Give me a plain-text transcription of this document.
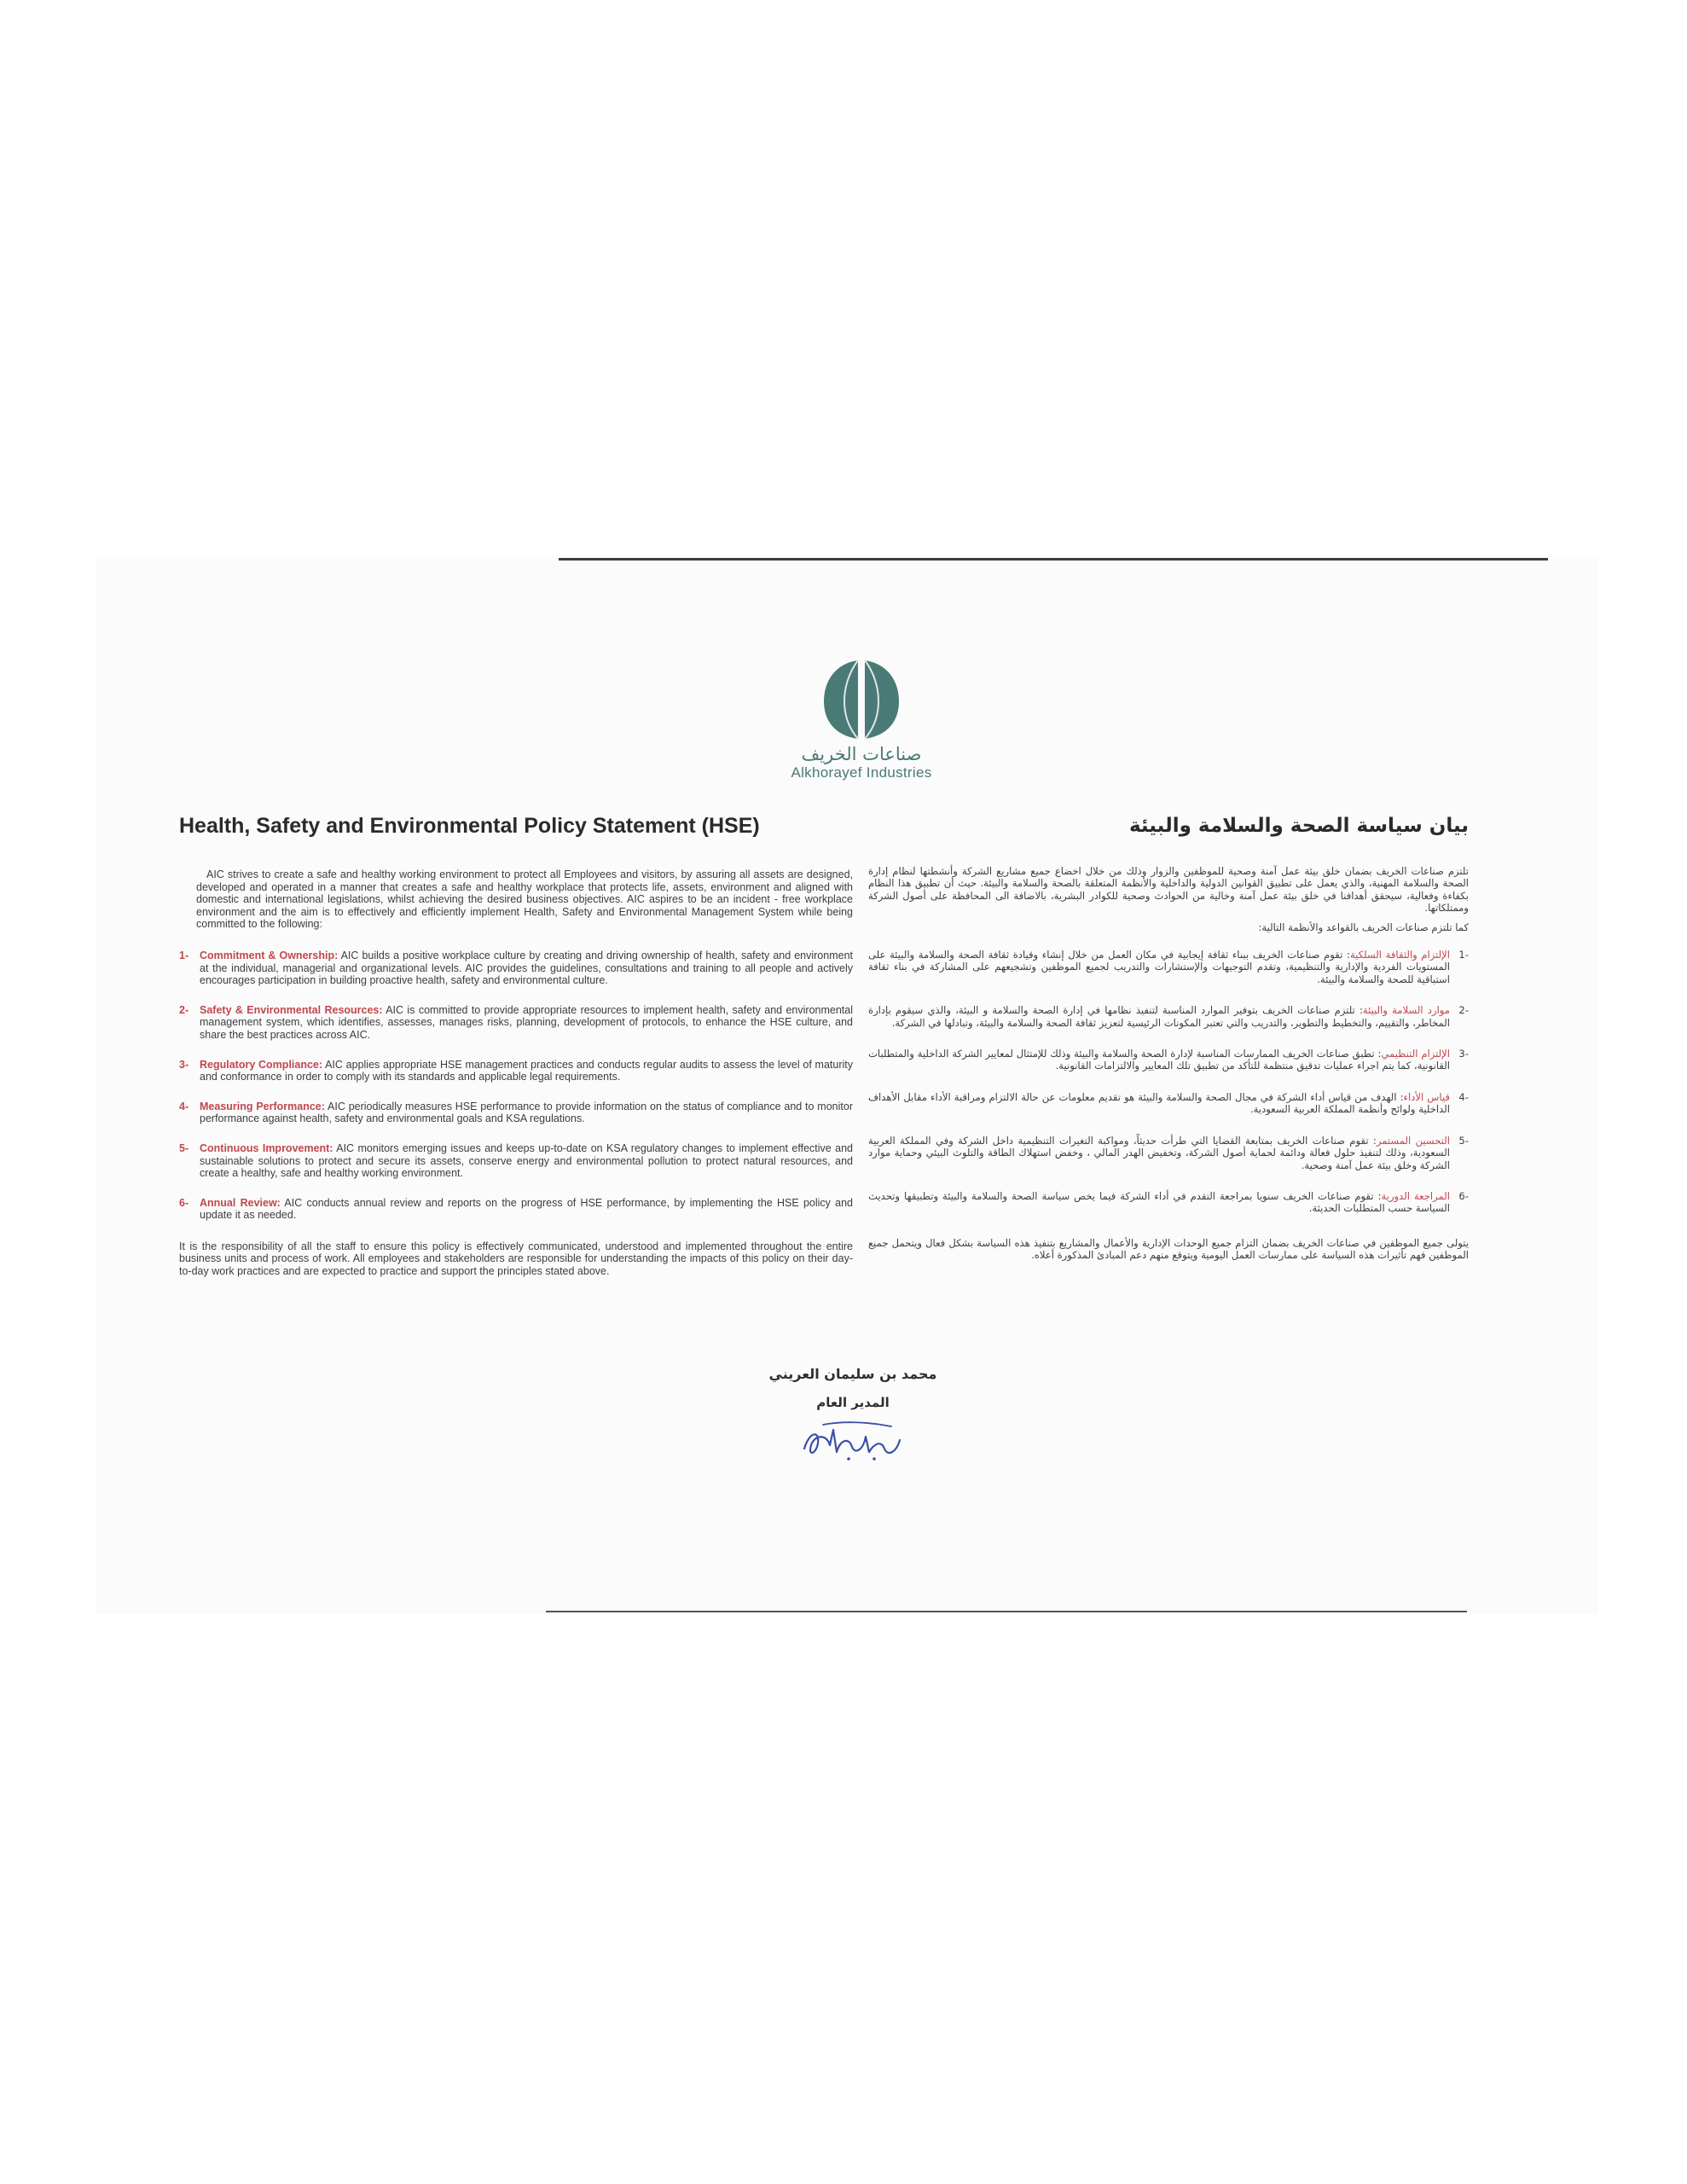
صناعات الخريف
Alkhorayef Industries
Health, Safety and Environmental Policy Statement (HSE)

AIC strives to create a safe and healthy working environment to protect all Employees and visitors, by assuring all assets are designed, developed and operated in a manner that creates a safe and healthy workplace that protects life, assets, environment and aligned with domestic and international legislations, whilst achieving the desired business objectives. AIC aspires to be an incident - free workplace environment and the aim is to effectively and efficiently implement Health, Safety and Environmental Management System while being committed to the following:

1- Commitment & Ownership: AIC builds a positive workplace culture by creating and driving ownership of health, safety and environment at the individual, managerial and organizational levels. AIC provides the guidelines, consultations and training to all people and actively encourages participation in building proactive health, safety and environmental culture.

2- Safety & Environmental Resources: AIC is committed to provide appropriate resources to implement health, safety and environmental management system, which identifies, assesses, manages risks, planning, development of protocols, to enhance the HSE culture, and share the best practices across AIC.

3- Regulatory Compliance: AIC applies appropriate HSE management practices and conducts regular audits to assess the level of maturity and conformance in order to comply with its standards and applicable legal requirements.

4- Measuring Performance: AIC periodically measures HSE performance to provide information on the status of compliance and to monitor performance against health, safety and environmental goals and KSA regulations.

5- Continuous Improvement: AIC monitors emerging issues and keeps up-to-date on KSA regulatory changes to implement effective and sustainable solutions to protect and secure its assets, conserve energy and environmental pollution to protect natural resources, and create a healthy, safe and healthy working environment.

6- Annual Review: AIC conducts annual review and reports on the progress of HSE performance, by implementing the HSE policy and update it as needed.

It is the responsibility of all the staff to ensure this policy is effectively communicated, understood and implemented throughout the entire business units and process of work. All employees and stakeholders are responsible for understanding the impacts of this policy on their day-to-day work practices and are expected to practice and support the principles stated above.

بيان سياسة الصحة والسلامة والبيئة

تلتزم صناعات الخريف بضمان خلق بيئة عمل آمنة وصحية للموظفين والزوار وذلك من خلال اخضاع جميع مشاريع الشركة وأنشطتها لنظام إدارة الصحة والسلامة المهنية، والذي يعمل على تطبيق القوانين الدولية والداخلية والأنظمة المتعلقة بالصحة والسلامة والبيئة. حيث أن تطبيق هذا النظام بكفاءة وفعالية، سيحقق أهدافنا في خلق بيئة عمل آمنة وخالية من الحوادث وصحية للكوادر البشرية، بالاضافة الى المحافظة على أصول الشركة وممتلكاتها.

كما تلتزم صناعات الخريف بالقواعد والأنظمة التالية:

-1
الإلتزام والثقافة السلكية: تقوم صناعات الخريف ببناء ثقافة إيجابية في مكان العمل من خلال إنشاء وقيادة ثقافة الصحة والسلامة والبيئة على المستويات الفردية والإدارية والتنظيمية، وتقدم التوجيهات والإستشارات والتدريب لجميع الموظفين وتشجيعهم على المشاركة في بناء ثقافة استباقية للصحة والسلامة والبيئة.

-2
موارد السلامة والبيئة: تلتزم صناعات الخريف بتوفير الموارد المناسبة لتنفيذ نظامها في إدارة الصحة والسلامة و البيئة، والذي سيقوم بإدارة المخاطر، والتقييم، والتخطيط والتطوير، والتدريب والتي تعتبر المكونات الرئيسية لتعزيز ثقافة الصحة والسلامة والبيئة، وتبادلها في الشركة.

-3
الإلتزام التنظيمي: تطبق صناعات الخريف الممارسات المناسبة لإدارة الصحة والسلامة والبيئة وذلك للإمتثال لمعايير الشركة الداخلية والمتطلبات القانونية، كما يتم اجراء عمليات تدقيق منتظمة للتأكد من تطبيق تلك المعايير والالتزامات القانونية.

-4
قياس الأداء: الهدف من قياس أداء الشركة في مجال الصحة والسلامة والبيئة هو تقديم معلومات عن حالة الالتزام ومراقبة الأداء مقابل الأهداف الداخلية ولوائح وأنظمة المملكة العربية السعودية.

-5
التحسين المستمر: تقوم صناعات الخريف بمتابعة القضايا التي طرأت حديثاً، ومواكبة التغيرات التنظيمية داخل الشركة وفي المملكة العربية السعودية، وذلك لتنفيذ حلول فعالة ودائمة لحماية أصول الشركة، وتخفيض الهدر المالي ، وخفض استهلاك الطاقة والتلوث البيئي وحماية موارد الشركة وخلق بيئة عمل آمنة وصحية.

-6
المراجعة الدورية: تقوم صناعات الخريف سنويا بمراجعة التقدم في أداء الشركة فيما يخص سياسة الصحة والسلامة والبيئة وتطبيقها وتحديث السياسة حسب المتطلبات الحديثة.

يتولى جميع الموظفين في صناعات الخريف بضمان التزام جميع الوحدات الإدارية والأعمال والمشاريع بتنفيذ هذه السياسة بشكل فعال ويتحمل جميع الموظفين فهم تأثيرات هذه السياسة على ممارسات العمل اليومية ويتوقع منهم دعم المبادئ المذكورة أعلاه.

محمد بن سليمان العريني
المدير العام
